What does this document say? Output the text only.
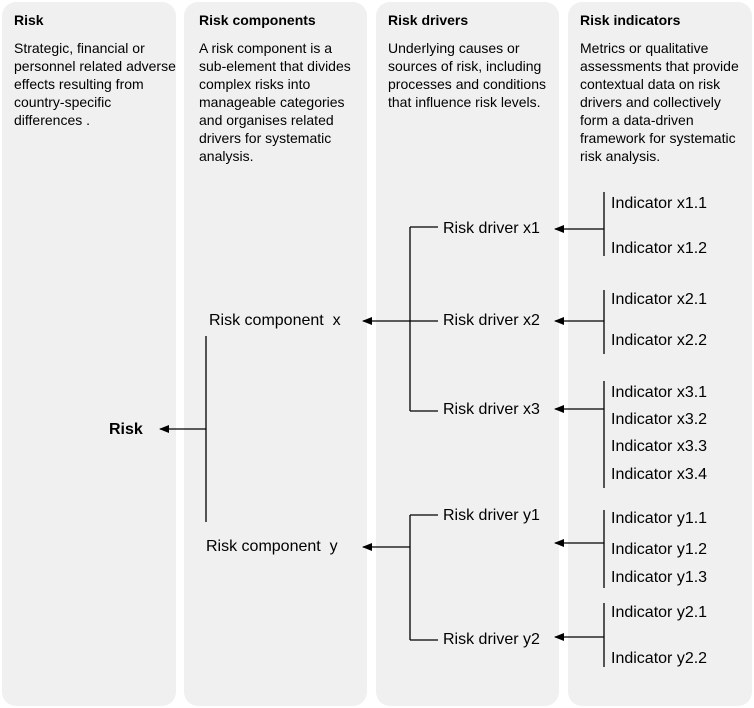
Risk
Strategic, financial or personnel related adverse effects resulting from country-specific differences .
Risk components
A risk component is a sub-element that divides complex risks into manageable categories and organises related drivers for systematic analysis.
Risk drivers
Underlying causes or sources of risk, including processes and conditions that influence risk levels.
Risk indicators
Metrics or qualitative assessments that provide contextual data on risk drivers and collectively form a data-driven framework for systematic risk analysis.
Risk
Risk component  x
Risk component  y
Risk driver x1
Risk driver x2
Risk driver x3
Risk driver y1
Risk driver y2
Indicator x1.1
Indicator x1.2
Indicator x2.1
Indicator x2.2
Indicator x3.1
Indicator x3.2
Indicator x3.3
Indicator x3.4
Indicator y1.1
Indicator y1.2
Indicator y1.3
Indicator y2.1
Indicator y2.2
